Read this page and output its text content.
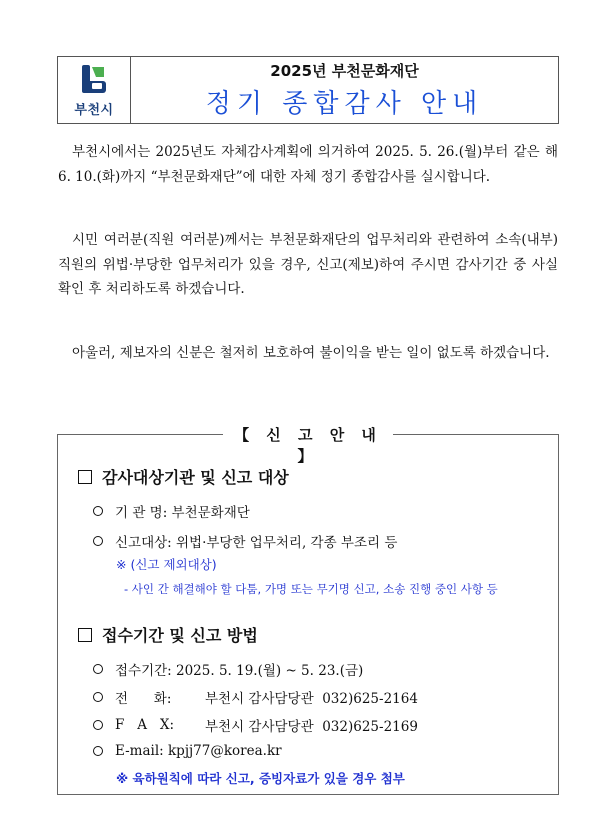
부천시
2025년 부천문화재단
정기 종합감사 안내

부천시에서는 2025년도 자체감사계획에 의거하여 2025. 5. 26.(월)부터 같은 해 6. 10.(화)까지 “부천문화재단”에 대한 자체 정기 종합감사를 실시합니다.

시민 여러분(직원 여러분)께서는 부천문화재단의 업무처리와 관련하여 소속(내부) 직원의 위법·부당한 업무처리가 있을 경우, 신고(제보)하여 주시면 감사기간 중 사실 확인 후 처리하도록 하겠습니다.

아울러, 제보자의 신분은 철저히 보호하여 불이익을 받는 일이 없도록 하겠습니다.

【 신 고 안 내 】
감사대상기관 및 신고 대상
기 관 명: 부천문화재단
신고대상: 위법·부당한 업무처리, 각종 부조리 등
※ (신고 제외대상)
- 사인 간 해결해야 할 다툼, 가명 또는 무기명 신고, 소송 진행 중인 사항 등
접수기간 및 신고 방법
접수기간: 2025. 5. 19.(월) ~ 5. 23.(금)
전      화:	부천시 감사담당관  032)625-2164
F   A   X:	부천시 감사담당관  032)625-2169
E-mail: kpjj77@korea.kr
※ 육하원칙에 따라 신고, 증빙자료가 있을 경우 첨부
